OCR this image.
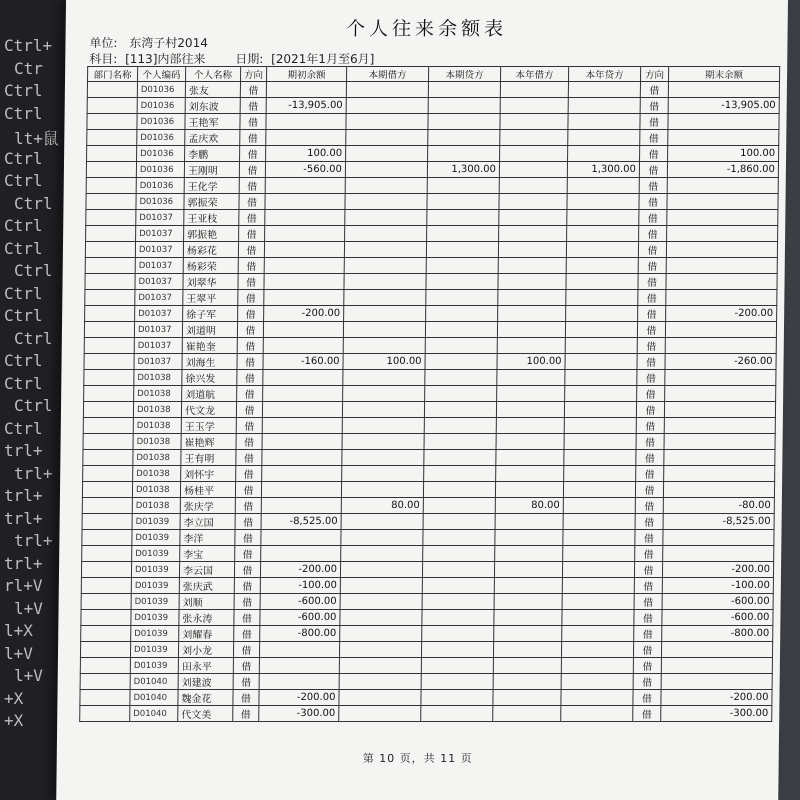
Ctrl+
Ctr
Ctrl
Ctrl
lt+鼠
Ctrl
Ctrl
Ctrl
Ctrl
Ctrl
Ctrl
Ctrl
Ctrl
Ctrl
Ctrl
Ctrl
Ctrl
Ctrl
trl+
trl+
trl+
trl+
trl+
trl+
rl+V
l+V
l+X
l+V
l+V
+X
+X
个人往来余额表
单位: 东湾子村2014
科目: [113]内部往来 日期: [2021年1月至6月]
部门名称	个人编码	个人名称	方向	期初余额	本期借方	本期贷方	本年借方	本年贷方	方向	期末余额
	D01036	张友	借						借	
	D01036	刘东波	借	-13,905.00					借	-13,905.00
	D01036	王艳军	借						借	
	D01036	孟庆欢	借						借	
	D01036	李鹏	借	100.00					借	100.00
	D01036	王刚明	借	-560.00		1,300.00		1,300.00	借	-1,860.00
	D01036	王化学	借						借	
	D01036	郭振荣	借						借	
	D01037	王亚枝	借						借	
	D01037	郭振艳	借						借	
	D01037	杨彩花	借						借	
	D01037	杨彩荣	借						借	
	D01037	刘翠华	借						借	
	D01037	王翠平	借						借	
	D01037	徐子军	借	-200.00					借	-200.00
	D01037	刘道明	借						借	
	D01037	崔艳奎	借						借	
	D01037	刘海生	借	-160.00	100.00		100.00		借	-260.00
	D01038	徐兴发	借						借	
	D01038	刘道航	借						借	
	D01038	代文龙	借						借	
	D01038	王玉学	借						借	
	D01038	崔艳辉	借						借	
	D01038	王有明	借						借	
	D01038	刘怀宇	借						借	
	D01038	杨桂平	借						借	
	D01038	张庆学	借		80.00		80.00		借	-80.00
	D01039	李立国	借	-8,525.00					借	-8,525.00
	D01039	李洋	借						借	
	D01039	李宝	借						借	
	D01039	李云国	借	-200.00					借	-200.00
	D01039	张庆武	借	-100.00					借	-100.00
	D01039	刘顺	借	-600.00					借	-600.00
	D01039	张永涛	借	-600.00					借	-600.00
	D01039	刘耀春	借	-800.00					借	-800.00
	D01039	刘小龙	借						借	
	D01039	田永平	借						借	
	D01040	刘建波	借						借	
	D01040	魏金花	借	-200.00					借	-200.00
	D01040	代文美	借	-300.00					借	-300.00
第 10 页，共 11 页
